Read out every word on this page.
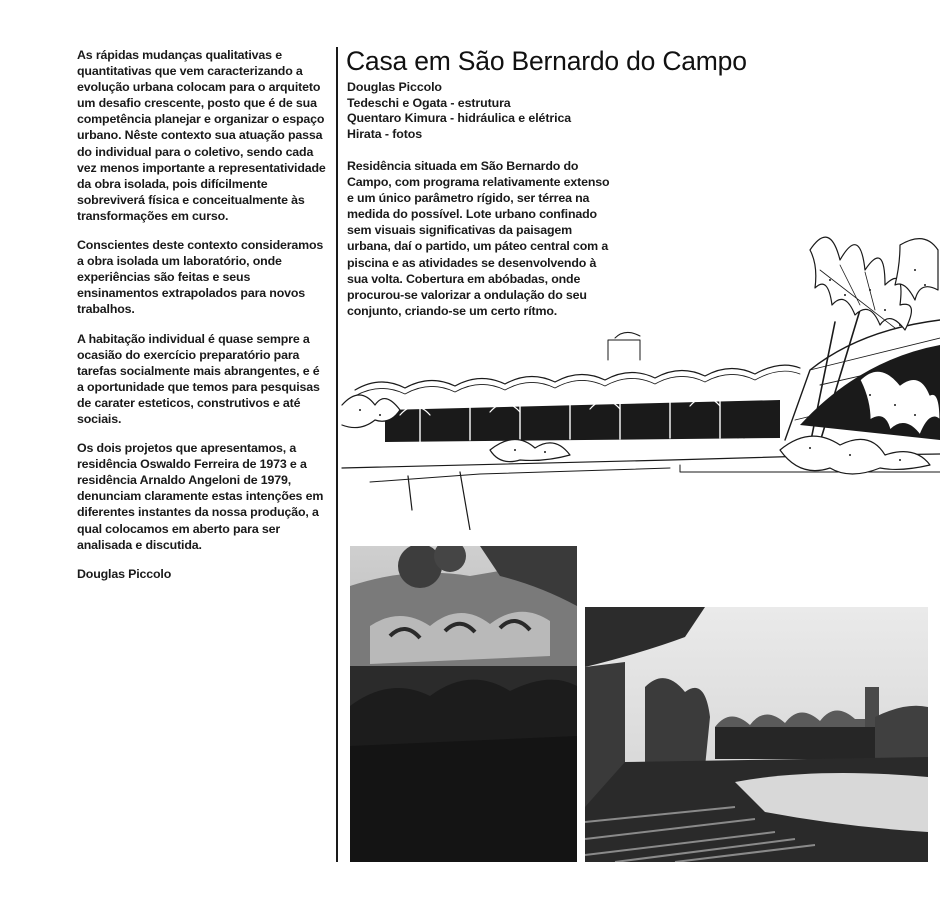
As rápidas mudanças qualitativas e quantitativas que vem caracterizando a evolução urbana colocam para o arquiteto um desafio crescente, posto que é de sua competência planejar e organizar o espaço urbano. Nêste contexto sua atuação passa do individual para o coletivo, sendo cada vez menos importante a representatividade da obra isolada, pois difícilmente sobreviverá física e conceitualmente às transformações em curso.

Conscientes deste contexto consideramos a obra isolada um laboratório, onde experiências são feitas e seus ensinamentos extrapolados para novos trabalhos.

A habitação individual é quase sempre a ocasião do exercício preparatório para tarefas socialmente mais abrangentes, e é a oportunidade que temos para pesquisas de carater esteticos, construtivos e até sociais.

Os dois projetos que apresentamos, a residência Oswaldo Ferreira de 1973 e a residência Arnaldo Angeloni de 1979, denunciam claramente estas intenções em diferentes instantes da nossa produção, a qual colocamos em aberto para ser analisada e discutida.

Douglas Piccolo
Casa em São Bernardo do Campo
Douglas Piccolo
Tedeschi e Ogata - estrutura
Quentaro Kimura - hidráulica e elétrica
Hirata - fotos

Residência situada em São Bernardo do Campo, com programa relativamente extenso e um único parâmetro rígido, ser térrea na medida do possível. Lote urbano confinado sem visuais significativas da paisagem urbana, daí o partido, um páteo central com a piscina e as atividades se desenvolvendo à sua volta. Cobertura em abóbadas, onde procurou-se valorizar a ondulação do seu conjunto, criando-se um certo rítmo.
